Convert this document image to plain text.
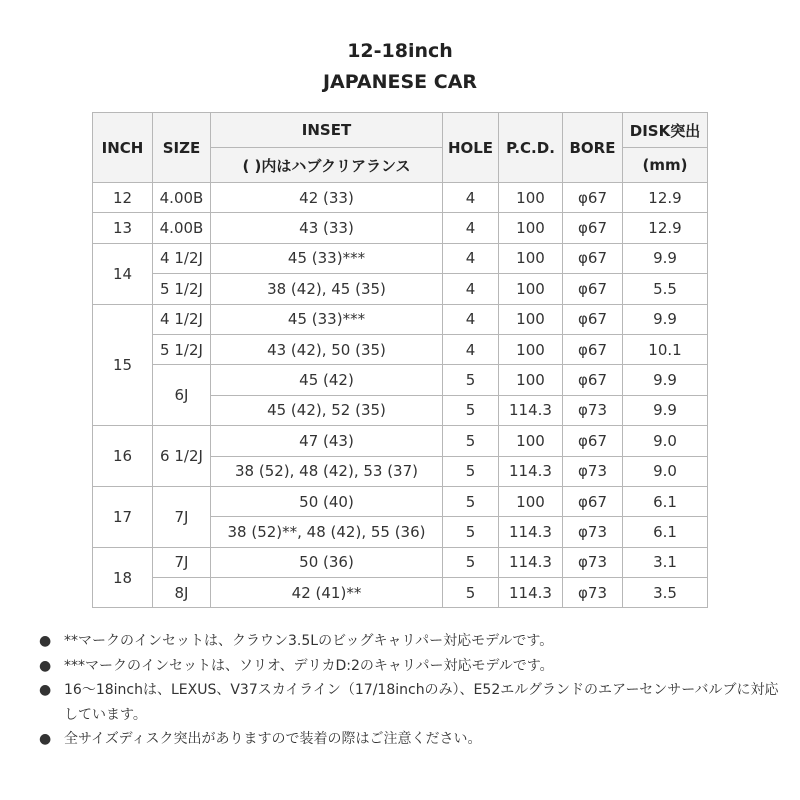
12-18inch
JAPANESE CAR
INCH	SIZE	INSET	HOLE	P.C.D.	BORE	DISK突出
		( )内はハブクリアランス				(mm)
12	4.00B	42 (33)	4	100	φ67	12.9
13	4.00B	43 (33)	4	100	φ67	12.9
14	4 1/2J	45 (33)***	4	100	φ67	9.9
	5 1/2J	38 (42), 45 (35)	4	100	φ67	5.5
15	4 1/2J	45 (33)***	4	100	φ67	9.9
	5 1/2J	43 (42), 50 (35)	4	100	φ67	10.1
	6J	45 (42)	5	100	φ67	9.9
		45 (42), 52 (35)	5	114.3	φ73	9.9
16	6 1/2J	47 (43)	5	100	φ67	9.0
		38 (52), 48 (42), 53 (37)	5	114.3	φ73	9.0
17	7J	50 (40)	5	100	φ67	6.1
		38 (52)**, 48 (42), 55 (36)	5	114.3	φ73	6.1
18	7J	50 (36)	5	114.3	φ73	3.1
	8J	42 (41)**	5	114.3	φ73	3.5
● **マークのインセットは、クラウン3.5Lのビッグキャリパー対応モデルです。
● ***マークのインセットは、ソリオ、デリカD:2のキャリパー対応モデルです。
● 16～18inchは、LEXUS、V37スカイライン（17/18inchのみ）、E52エルグランドのエアーセンサーバルブに対応しています。
● 全サイズディスク突出がありますので装着の際はご注意ください。
